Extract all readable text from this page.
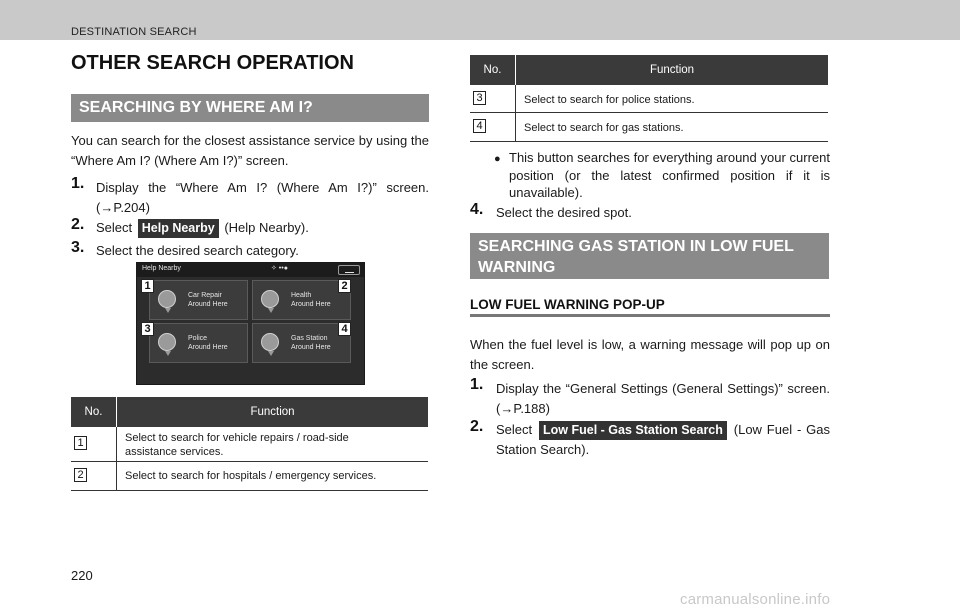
DESTINATION SEARCH
OTHER SEARCH OPERATION
SEARCHING BY WHERE AM I?
You can search for the closest assistance service by using the “Where Am I? (Where Am I?)” screen.
1. Display the “Where Am I? (Where Am I?)” screen. (→P.204)
2. Select Help Nearby (Help Nearby).
3. Select the desired search category.
Help Nearby	✧ ••●
Car Repair
Around Here
Health
Around Here
Police
Around Here
Gas Station
Around Here
1	2
3	4
No.	Function
1	Select to search for vehicle repairs / road-side assistance services.
2	Select to search for hospitals / emergency services.
No.	Function
3	Select to search for police stations.
4	Select to search for gas stations.
● This button searches for everything around your current position (or the latest confirmed position if it is unavailable).
4. Select the desired spot.
SEARCHING GAS STATION IN LOW FUEL
WARNING
LOW FUEL WARNING POP-UP
When the fuel level is low, a warning message will pop up on the screen.
1. Display the “General Settings (General Settings)” screen. (→P.188)
2. Select Low Fuel - Gas Station Search (Low Fuel - Gas Station Search).
220
carmanualsonline.info
